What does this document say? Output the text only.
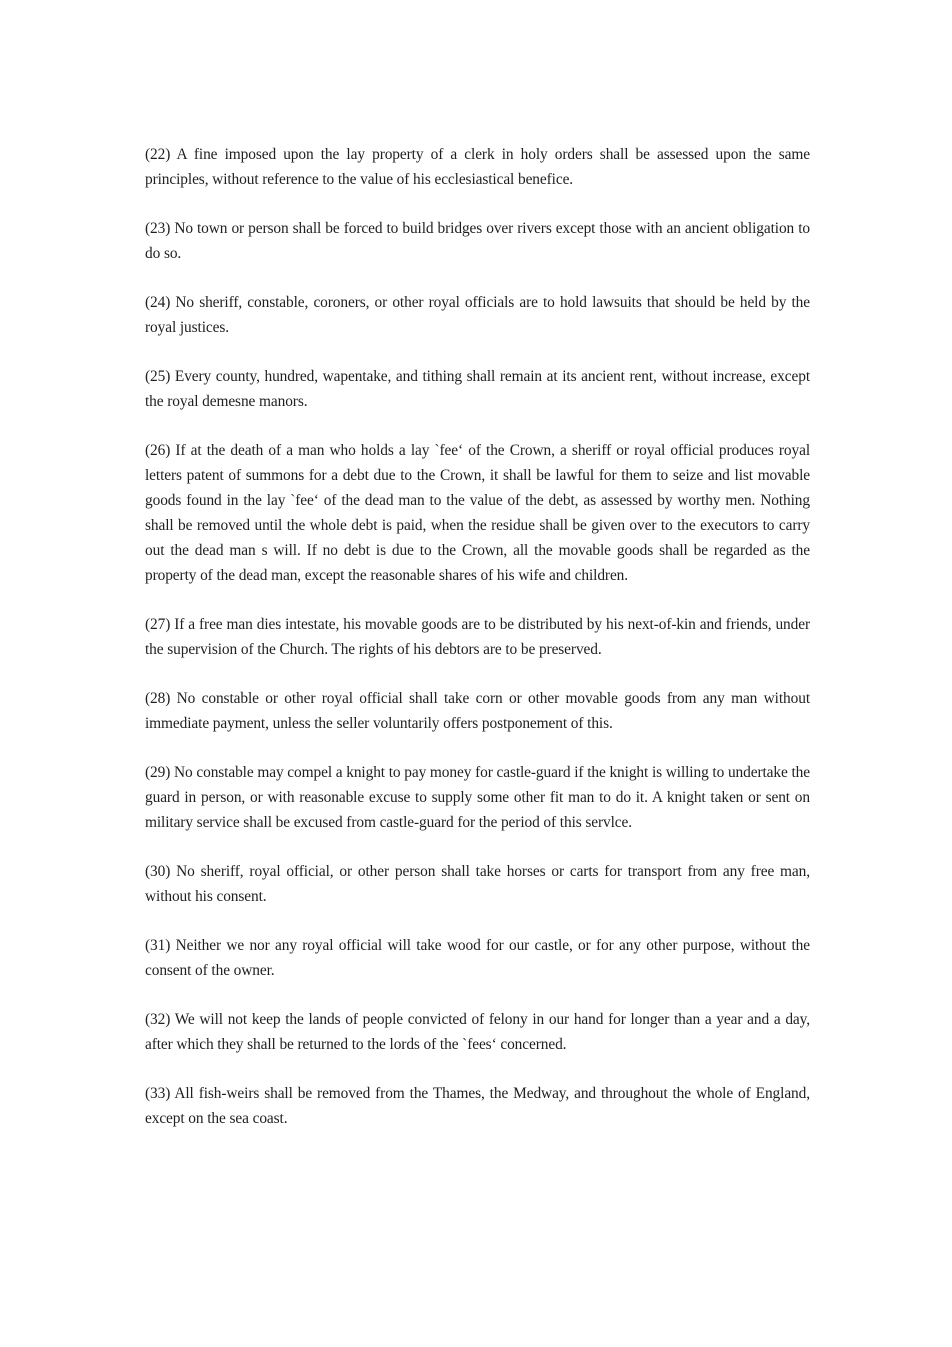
(22) A fine imposed upon the lay property of a clerk in holy orders shall be assessed upon the same principles, without reference to the value of his ecclesiastical benefice.

(23) No town or person shall be forced to build bridges over rivers except those with an ancient obligation to do so.

(24) No sheriff, constable, coroners, or other royal officials are to hold lawsuits that should be held by the royal justices.

(25) Every county, hundred, wapentake, and tithing shall remain at its ancient rent, without increase, except the royal demesne manors.

(26) If at the death of a man who holds a lay `fee‘ of the Crown, a sheriff or royal official produces royal letters patent of summons for a debt due to the Crown, it shall be lawful for them to seize and list movable goods found in the lay `fee‘ of the dead man to the value of the debt, as assessed by worthy men. Nothing shall be removed until the whole debt is paid, when the residue shall be given over to the executors to carry out the dead man s will. If no debt is due to the Crown, all the movable goods shall be regarded as the property of the dead man, except the reasonable shares of his wife and children.

(27) If a free man dies intestate, his movable goods are to be distributed by his next-of-kin and friends, under the supervision of the Church. The rights of his debtors are to be preserved.

(28) No constable or other royal official shall take corn or other movable goods from any man without immediate payment, unless the seller voluntarily offers postponement of this.

(29) No constable may compel a knight to pay money for castle-guard if the knight is willing to undertake the guard in person, or with reasonable excuse to supply some other fit man to do it. A knight taken or sent on military service shall be excused from castle-guard for the period of this servlce.

(30) No sheriff, royal official, or other person shall take horses or carts for transport from any free man, without his consent.

(31) Neither we nor any royal official will take wood for our castle, or for any other purpose, without the consent of the owner.

(32) We will not keep the lands of people convicted of felony in our hand for longer than a year and a day, after which they shall be returned to the lords of the `fees‘ concerned.

(33) All fish-weirs shall be removed from the Thames, the Medway, and throughout the whole of England, except on the sea coast.
